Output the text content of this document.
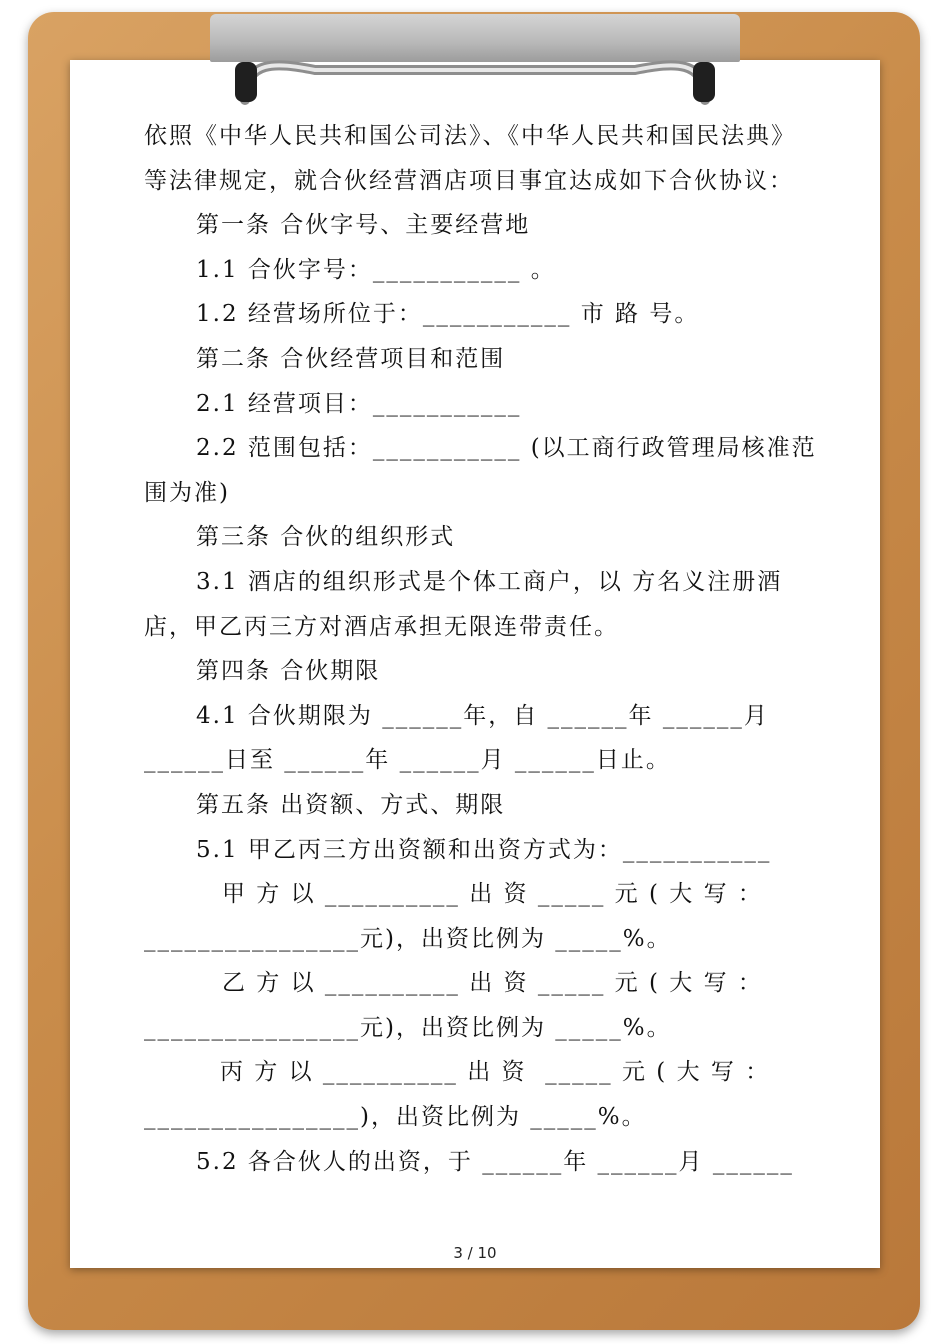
依照《中华人民共和国公司法》、《中华人民共和国民法典》
等法律规定，就合伙经营酒店项目事宜达成如下合伙协议：
第一条 合伙字号、主要经营地
1.1 合伙字号：___________ 。
1.2 经营场所位于：___________ 市 路 号。
第二条 合伙经营项目和范围
2.1 经营项目：___________
2.2 范围包括：___________ (以工商行政管理局核准范
围为准)
第三条 合伙的组织形式
3.1 酒店的组织形式是个体工商户，以 方名义注册酒
店，甲乙丙三方对酒店承担无限连带责任。
第四条 合伙期限
4.1 合伙期限为 ______年，自 ______年 ______月
______日至 ______年 ______月 ______日止。
第五条 出资额、方式、期限
5.1 甲乙丙三方出资额和出资方式为：___________
甲 方 以 __________ 出 资 _____ 元 ( 大 写 ：
________________元)，出资比例为 _____%。
乙 方 以 __________ 出 资 _____ 元 ( 大 写 ：
________________元)，出资比例为 _____%。
丙 方 以 __________ 出 资  _____ 元 ( 大 写 ：
________________)，出资比例为 _____%。
5.2 各合伙人的出资，于 ______年 ______月 ______
3 / 10
